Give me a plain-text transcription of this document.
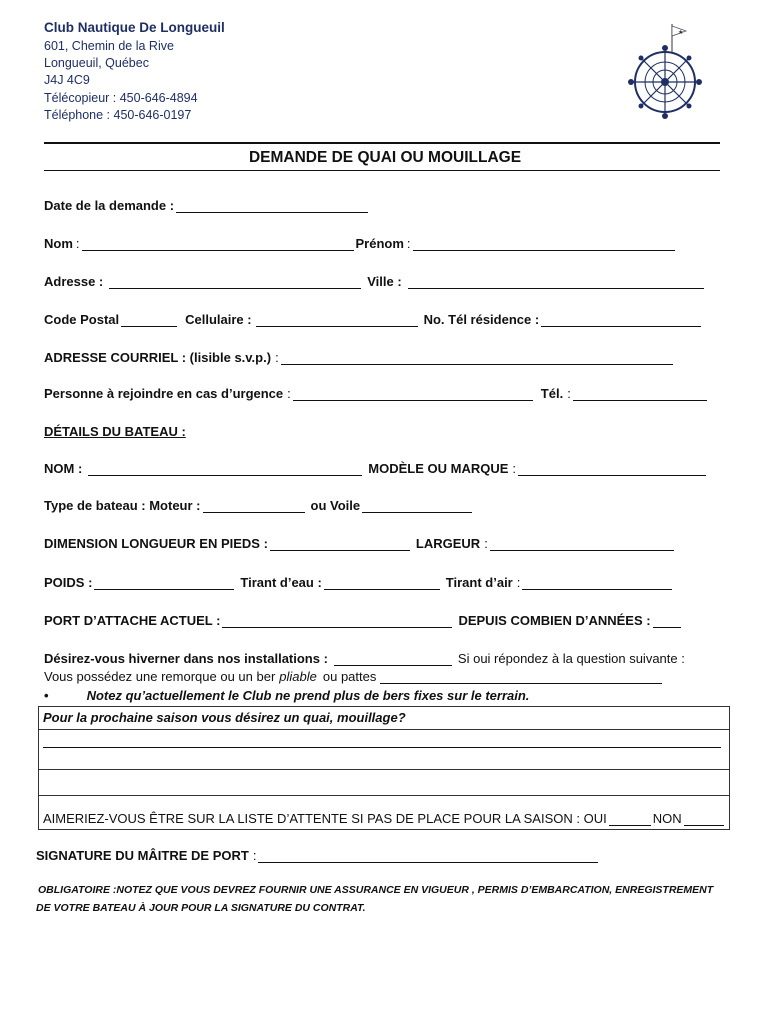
Club Nautique De Longueuil
601, Chemin de la Rive
Longueuil, Québec
J4J 4C9
Télécopieur : 450-646-4894
Téléphone : 450-646-0197
★
DEMANDE DE QUAI OU MOUILLAGE
Date de la demande :
Nom :	Prénom :
Adresse :	Ville :
Code Postal	Cellulaire :	No. Tél résidence :
ADRESSE COURRIEL : (lisible s.v.p.) :
Personne à rejoindre en cas d’urgence :	Tél. :
DÉTAILS DU BATEAU :
NOM :	MODÈLE OU MARQUE :
Type de bateau : Moteur :	ou Voile
DIMENSION LONGUEUR EN PIEDS :	LARGEUR :
POIDS :	Tirant d’eau :	Tirant d’air :
PORT D’ATTACHE ACTUEL :	DEPUIS COMBIEN D’ANNÉES :
Désirez-vous hiverner dans nos installations :	Si oui répondez à la question suivante :
Vous possédez une remorque ou un ber pliable ou pattes
•	Notez qu’actuellement le Club ne prend plus de bers fixes sur le terrain.
Pour la prochaine saison vous désirez un quai, mouillage?
AIMERIEZ-VOUS ÊTRE SUR LA LISTE D’ATTENTE SI PAS DE PLACE POUR LA SAISON : OUI	NON
SIGNATURE DU MÂITRE DE PORT :
OBLIGATOIRE :NOTEZ QUE VOUS DEVREZ FOURNIR UNE ASSURANCE EN VIGUEUR , PERMIS D’EMBARCATION, ENREGISTREMENT
DE VOTRE BATEAU À JOUR POUR LA SIGNATURE DU CONTRAT.
